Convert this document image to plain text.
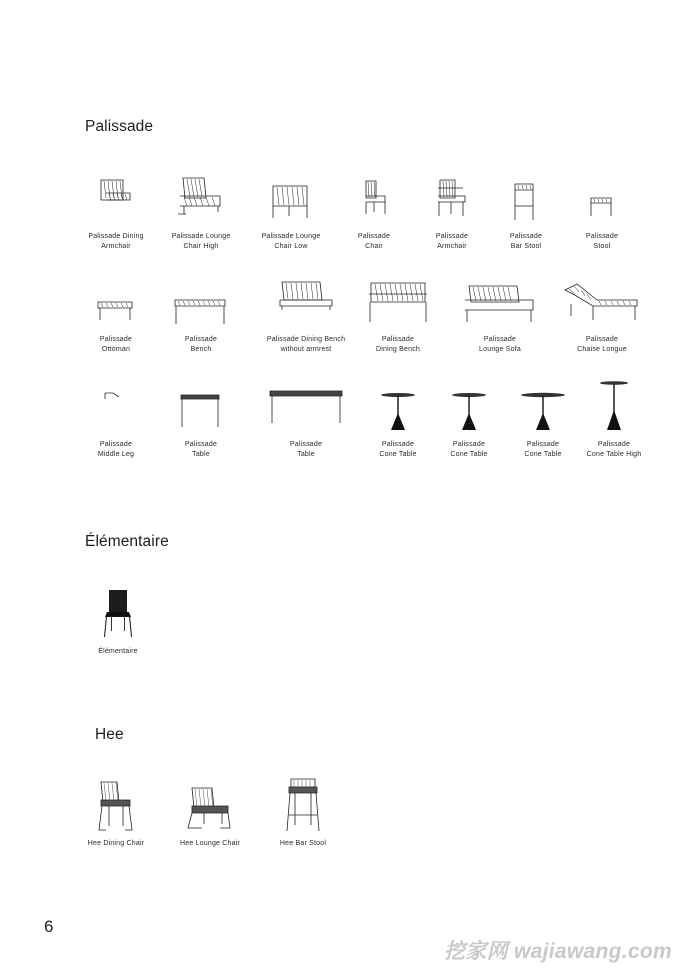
Palissade
Palissade Dining
Armchair
Palissade Lounge
Chair High
Palissade Lounge
Chair Low
Palissade
Chair
Palissade
Armchair
Palissade
Bar Stool
Palissade
Stool
Palissade
Ottoman
Palissade
Bench
Palissade Dining Bench
without armrest
Palissade
Dining Bench
Palissade
Lounge Sofa
Palissade
Chaise Longue
Palissade
Middle Leg
Palissade
Table
Palissade
Table
Palissade
Cone Table
Palissade
Cone Table
Palissade
Cone Table
Palissade
Cone Table High
Élémentaire
Élémentaire
Hee
Hee Dining Chair	Hee Lounge Chair	Hee Bar Stool
6
挖家网 wajiawang.com
